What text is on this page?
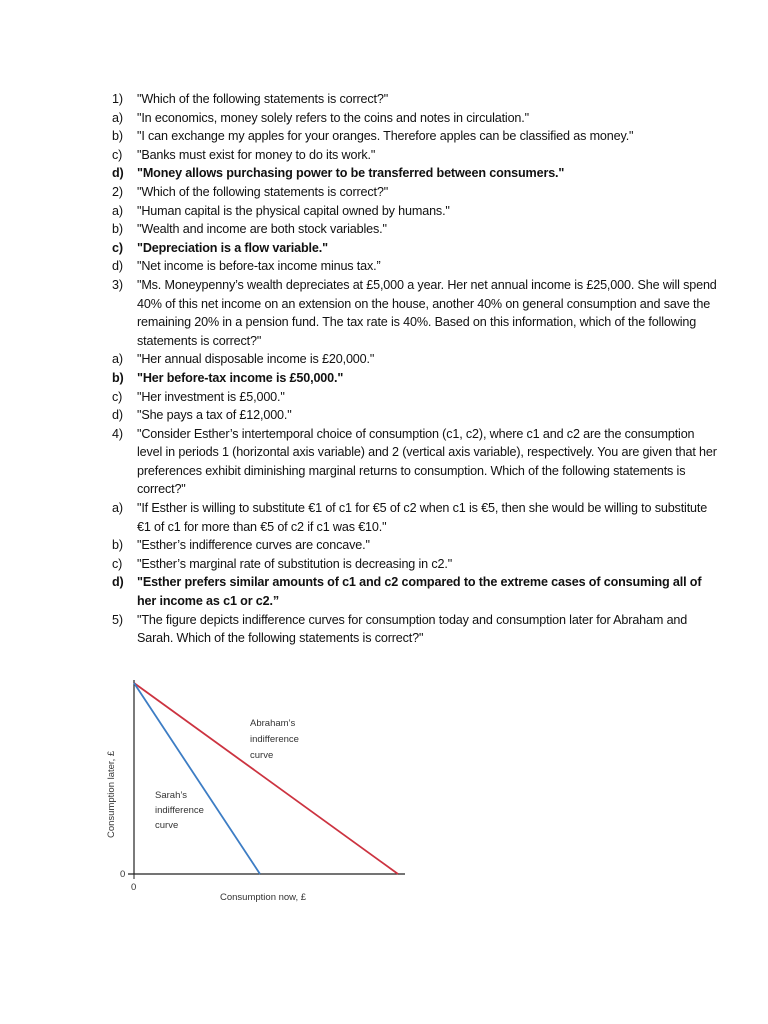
1) "Which of the following statements is correct?"
a) "In economics, money solely refers to the coins and notes in circulation."
b) "I can exchange my apples for your oranges. Therefore apples can be classified as money."
c) "Banks must exist for money to do its work."
d) "Money allows purchasing power to be transferred between consumers."
2) "Which of the following statements is correct?"
a) "Human capital is the physical capital owned by humans."
b) "Wealth and income are both stock variables."
c) "Depreciation is a flow variable."
d) "Net income is before-tax income minus tax.”
3) "Ms. Moneypenny’s wealth depreciates at £5,000 a year. Her net annual income is £25,000. She will spend 40% of this net income on an extension on the house, another 40% on general consumption and save the remaining 20% in a pension fund. The tax rate is 40%. Based on this information, which of the following statements is correct?"
a) "Her annual disposable income is £20,000."
b) "Her before-tax income is £50,000."
c) "Her investment is £5,000."
d) "She pays a tax of £12,000."
4) "Consider Esther’s intertemporal choice of consumption (c1, c2), where c1 and c2 are the consumption level in periods 1 (horizontal axis variable) and 2 (vertical axis variable), respectively. You are given that her preferences exhibit diminishing marginal returns to consumption. Which of the following statements is correct?"
a) "If Esther is willing to substitute €1 of c1 for €5 of c2 when c1 is €5, then she would be willing to substitute €1 of c1 for more than €5 of c2 if c1 was €10."
b) "Esther’s indifference curves are concave."
c) "Esther’s marginal rate of substitution is decreasing in c2."
d) "Esther prefers similar amounts of c1 and c2 compared to the extreme cases of consuming all of her income as c1 or c2.”
5) "The figure depicts indifference curves for consumption today and consumption later for Abraham and Sarah. Which of the following statements is correct?"
0
0
Consumption now, £
Consumption later, £
Abraham’s
indifference
curve
Sarah’s
indifference
curve
